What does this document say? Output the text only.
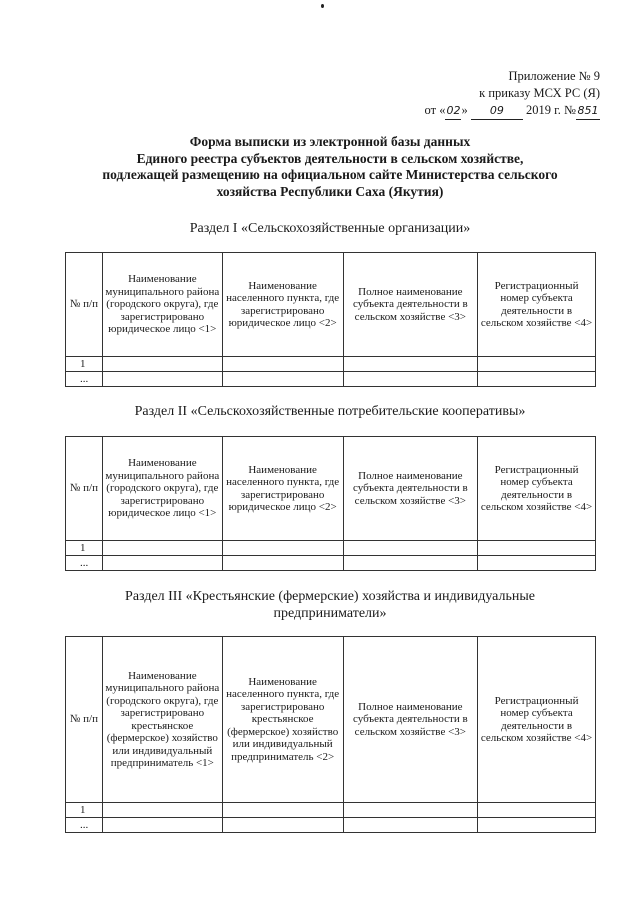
Приложение № 9
к приказу МСХ РС (Я)
от «02» 09 2019 г. № 851
Форма выписки из электронной базы данных
Единого реестра субъектов деятельности в сельском хозяйстве,
подлежащей размещению на официальном сайте Министерства сельского
хозяйства Республики Саха (Якутия)
Раздел I «Сельскохозяйственные организации»
№ п/п	Наименование муниципального района (городского округа), где зарегистрировано юридическое лицо <1>	Наименование населенного пункта, где зарегистрировано юридическое лицо <2>	Полное наименование субъекта деятельности в сельском хозяйстве <3>	Регистрационный номер субъекта деятельности в сельском хозяйстве <4>
1				
...				
Раздел II «Сельскохозяйственные потребительские кооперативы»
№ п/п	Наименование муниципального района (городского округа), где зарегистрировано юридическое лицо <1>	Наименование населенного пункта, где зарегистрировано юридическое лицо <2>	Полное наименование субъекта деятельности в сельском хозяйстве <3>	Регистрационный номер субъекта деятельности в сельском хозяйстве <4>
1				
...				
Раздел III «Крестьянские (фермерские) хозяйства и индивидуальные
предприниматели»
№ п/п	Наименование муниципального района (городского округа), где зарегистрировано крестьянское (фермерское) хозяйство или индивидуальный предприниматель <1>	Наименование населенного пункта, где зарегистрировано крестьянское (фермерское) хозяйство или индивидуальный предприниматель <2>	Полное наименование субъекта деятельности в сельском хозяйстве <3>	Регистрационный номер субъекта деятельности в сельском хозяйстве <4>
1				
...				
